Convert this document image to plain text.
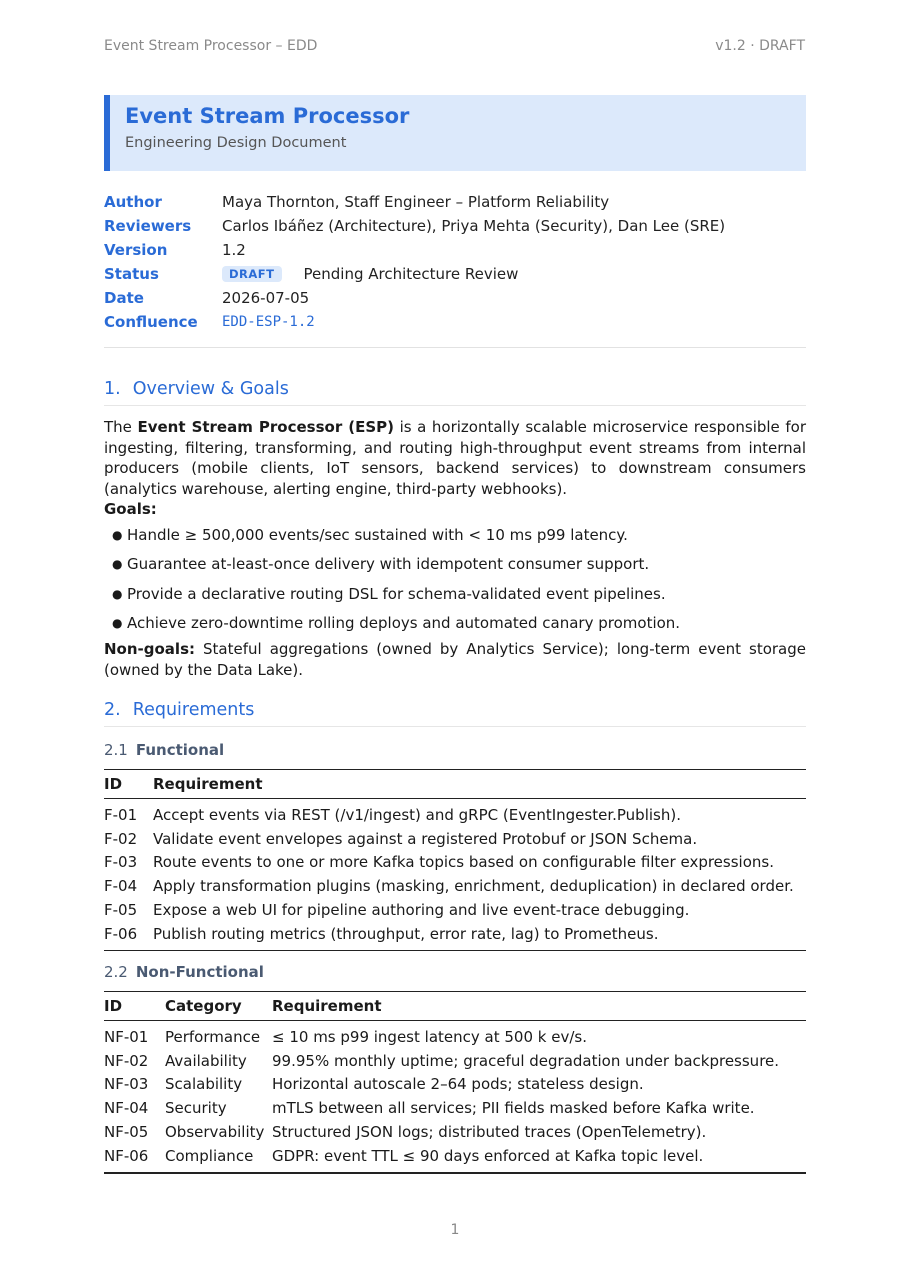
Event Stream Processor – EDD	v1.2 · DRAFT
Event Stream Processor
Engineering Design Document
Author	Maya Thornton, Staff Engineer – Platform Reliability
Reviewers	Carlos Ibáñez (Architecture), Priya Mehta (Security), Dan Lee (SRE)
Version	1.2
Status	DRAFT	Pending Architecture Review
Date	2026-07-05
Confluence	EDD-ESP-1.2
1. Overview & Goals
The Event Stream Processor (ESP) is a horizontally scalable microservice responsible for ingesting, filtering, transforming, and routing high-throughput event streams from internal producers (mobile clients, IoT sensors, backend services) to downstream consumers (analytics warehouse, alerting engine, third-party webhooks).
Goals:
● Handle ≥ 500,000 events/sec sustained with < 10 ms p99 latency.
● Guarantee at-least-once delivery with idempotent consumer support.
● Provide a declarative routing DSL for schema-validated event pipelines.
● Achieve zero-downtime rolling deploys and automated canary promotion.
Non-goals: Stateful aggregations (owned by Analytics Service); long-term event storage (owned by the Data Lake).
2. Requirements
2.1 Functional
ID	Requirement
F-01	Accept events via REST (/v1/ingest) and gRPC (EventIngester.Publish).
F-02	Validate event envelopes against a registered Protobuf or JSON Schema.
F-03	Route events to one or more Kafka topics based on configurable filter expressions.
F-04	Apply transformation plugins (masking, enrichment, deduplication) in declared order.
F-05	Expose a web UI for pipeline authoring and live event-trace debugging.
F-06	Publish routing metrics (throughput, error rate, lag) to Prometheus.
2.2 Non-Functional
ID	Category	Requirement
NF-01	Performance	≤ 10 ms p99 ingest latency at 500 k ev/s.
NF-02	Availability	99.95% monthly uptime; graceful degradation under backpressure.
NF-03	Scalability	Horizontal autoscale 2–64 pods; stateless design.
NF-04	Security	mTLS between all services; PII fields masked before Kafka write.
NF-05	Observability	Structured JSON logs; distributed traces (OpenTelemetry).
NF-06	Compliance	GDPR: event TTL ≤ 90 days enforced at Kafka topic level.
1
